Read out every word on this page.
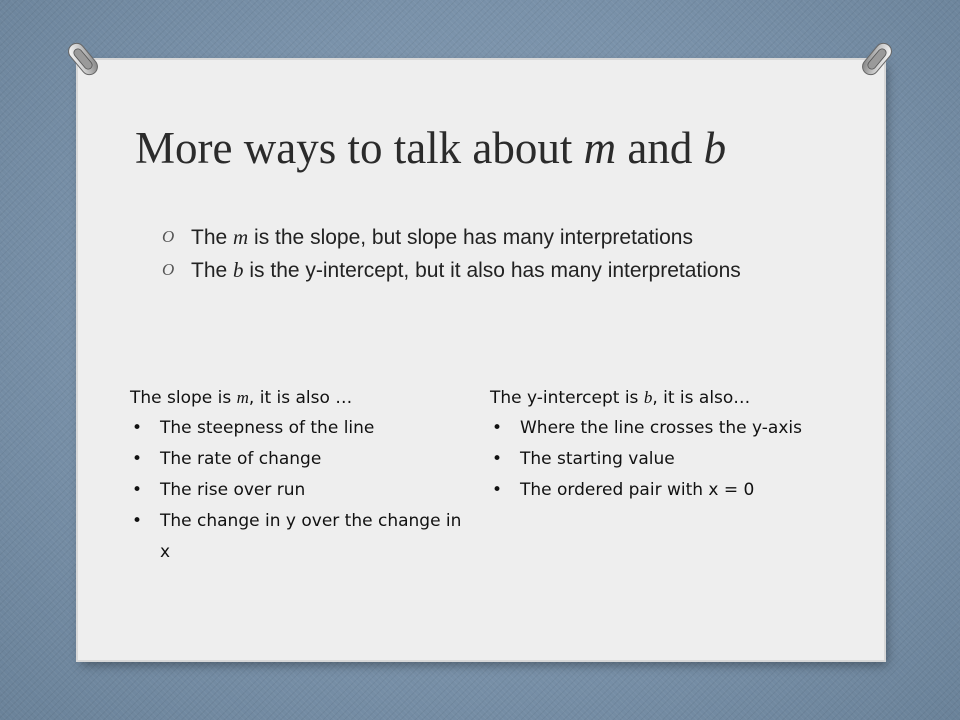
More ways to talk about m and b
O The m is the slope, but slope has many interpretations
O The b is the y-intercept, but it also has many interpretations
The slope is m, it is also …
• The steepness of the line
• The rate of change
• The rise over run
• The change in y over the change in x
The y-intercept is b, it is also…
• Where the line crosses the y-axis
• The starting value
• The ordered pair with x = 0
